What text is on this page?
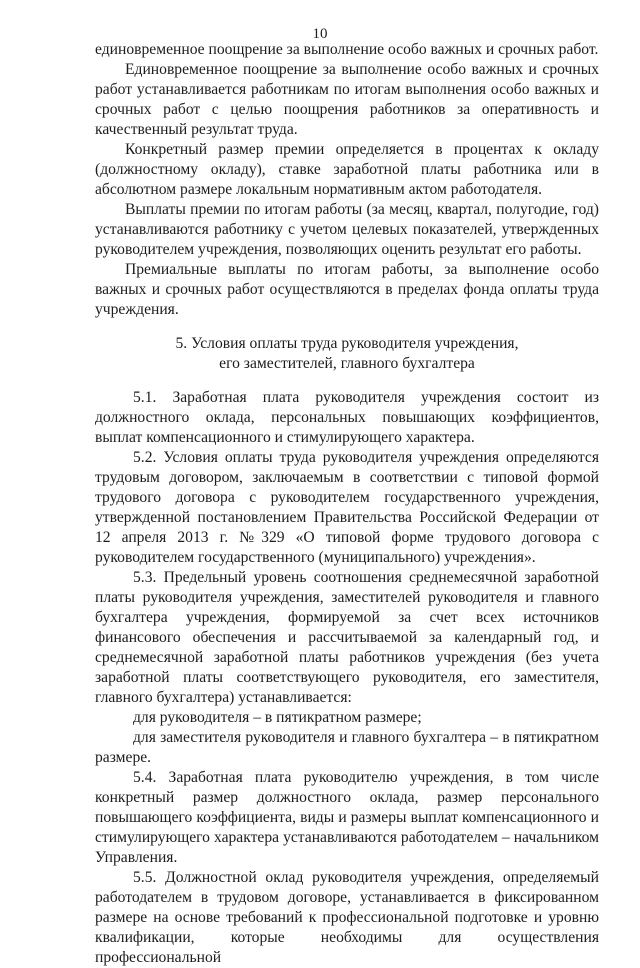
10

единовременное поощрение за выполнение особо важных и срочных работ.

Единовременное поощрение за выполнение особо важных и срочных работ устанавливается работникам по итогам выполнения особо важных и срочных работ с целью поощрения работников за оперативность и качественный результат труда.

Конкретный размер премии определяется в процентах к окладу (должностному окладу), ставке заработной платы работника или в абсолютном размере локальным нормативным актом работодателя.

Выплаты премии по итогам работы (за месяц, квартал, полугодие, год) устанавливаются работнику с учетом целевых показателей, утвержденных руководителем учреждения, позволяющих оценить результат его работы.

Премиальные выплаты по итогам работы, за выполнение особо важных и срочных работ осуществляются в пределах фонда оплаты труда учреждения.

5. Условия оплаты труда руководителя учреждения,

его заместителей, главного бухгалтера

5.1. Заработная плата руководителя учреждения состоит из должностного оклада, персональных повышающих коэффициентов, выплат компенсационного и стимулирующего характера.

5.2. Условия оплаты труда руководителя учреждения определяются трудовым договором, заключаемым в соответствии с типовой формой трудового договора с руководителем государственного учреждения, утвержденной постановлением Правительства Российской Федерации от 12 апреля 2013 г. №329 «О типовой форме трудового договора с руководителем государственного (муниципального) учреждения».

5.3. Предельный уровень соотношения среднемесячной заработной платы руководителя учреждения, заместителей руководителя и главного бухгалтера учреждения, формируемой за счет всех источников финансового обеспечения и рассчитываемой за календарный год, и среднемесячной заработной платы работников учреждения (без учета заработной платы соответствующего руководителя, его заместителя, главного бухгалтера) устанавливается:

для руководителя – в пятикратном размере;

для заместителя руководителя и главного бухгалтера – в пятикратном размере.

5.4. Заработная плата руководителю учреждения, в том числе конкретный размер должностного оклада, размер персонального повышающего коэффициента, виды и размеры выплат компенсационного и стимулирующего характера устанавливаются работодателем – начальником Управления.

5.5. Должностной оклад руководителя учреждения, определяемый работодателем в трудовом договоре, устанавливается в фиксированном размере на основе требований к профессиональной подготовке и уровню квалификации, которые необходимы для осуществления профессиональной
